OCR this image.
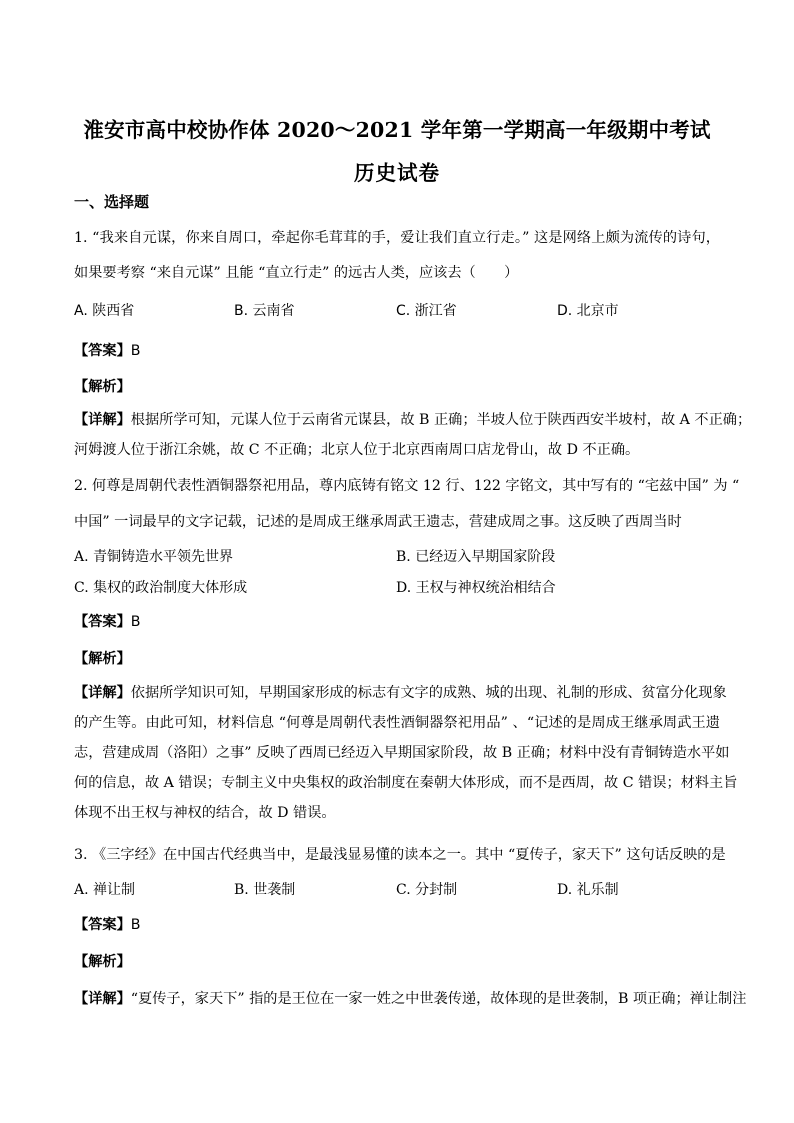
淮安市高中校协作体 2020～2021 学年第一学期高一年级期中考试
历史试卷
一、选择题
1. “我来自元谋，你来自周口，牵起你毛茸茸的手，爱让我们直立行走。” 这是网络上颇为流传的诗句，
如果要考察 “来自元谋” 且能 “直立行走” 的远古人类，应该去（　　）
A. 陕西省	B. 云南省	C. 浙江省	D. 北京市
【答案】B
【解析】
【详解】根据所学可知，元谋人位于云南省元谋县，故 B 正确；半坡人位于陕西西安半坡村，故 A 不正确；
河姆渡人位于浙江余姚，故 C 不正确；北京人位于北京西南周口店龙骨山，故 D 不正确。
2. 何尊是周朝代表性酒铜器祭祀用品，尊内底铸有铭文 12 行、122 字铭文，其中写有的 “宅兹中国” 为 “
中国” 一词最早的文字记载，记述的是周成王继承周武王遗志，营建成周之事。这反映了西周当时
A. 青铜铸造水平领先世界	B. 已经迈入早期国家阶段
C. 集权的政治制度大体形成	D. 王权与神权统治相结合
【答案】B
【解析】
【详解】依据所学知识可知，早期国家形成的标志有文字的成熟、城的出现、礼制的形成、贫富分化现象
的产生等。由此可知，材料信息 “何尊是周朝代表性酒铜器祭祀用品” 、“记述的是周成王继承周武王遗
志，营建成周（洛阳）之事” 反映了西周已经迈入早期国家阶段，故 B 正确；材料中没有青铜铸造水平如
何的信息，故 A 错误；专制主义中央集权的政治制度在秦朝大体形成，而不是西周，故 C 错误；材料主旨
体现不出王权与神权的结合，故 D 错误。
3. 《三字经》在中国古代经典当中，是最浅显易懂的读本之一。其中 “夏传子，家天下” 这句话反映的是
A. 禅让制	B. 世袭制	C. 分封制	D. 礼乐制
【答案】B
【解析】
【详解】“夏传子，家天下” 指的是王位在一家一姓之中世袭传递，故体现的是世袭制，B 项正确；禅让制注
